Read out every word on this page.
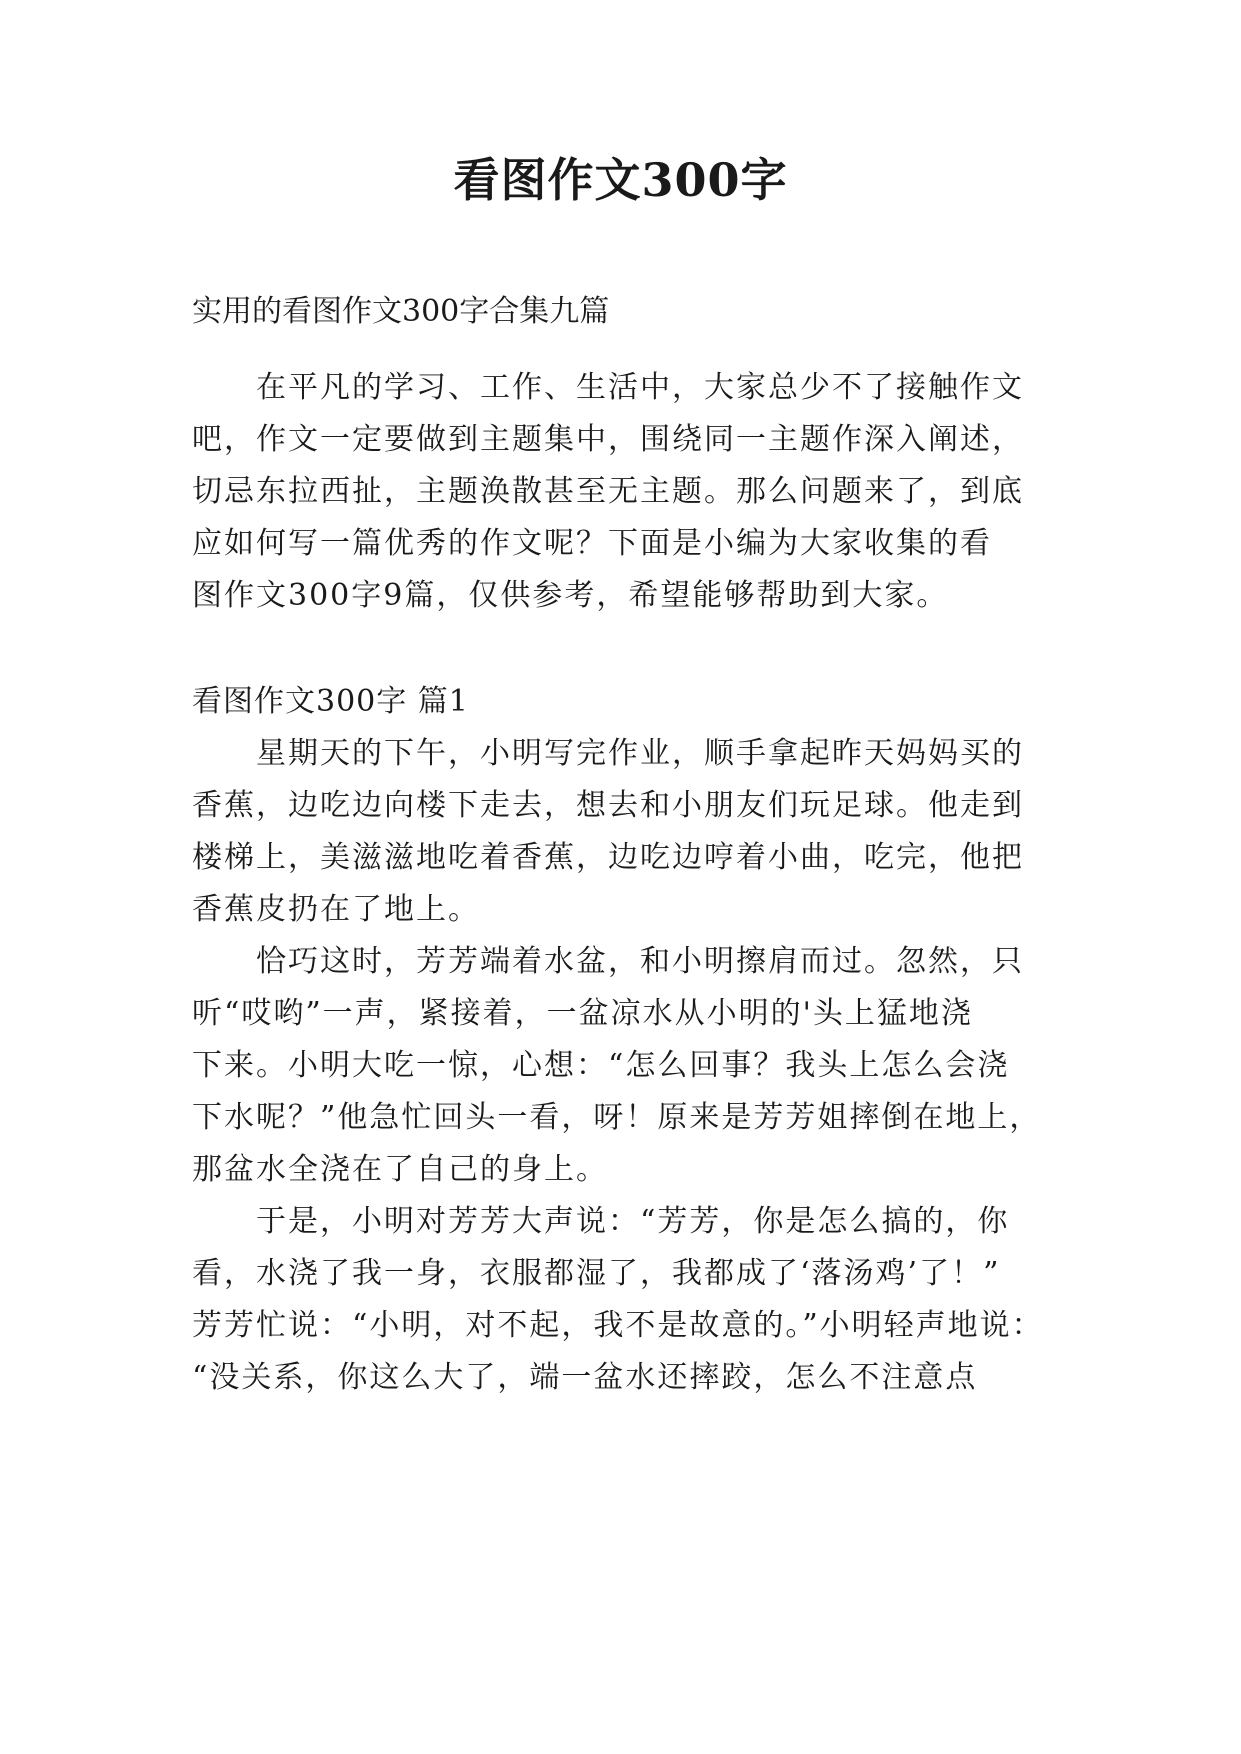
看图作文300字

实用的看图作文300字合集九篇

在平凡的学习、工作、生活中，大家总少不了接触作文

吧，作文一定要做到主题集中，围绕同一主题作深入阐述，

切忌东拉西扯，主题涣散甚至无主题。那么问题来了，到底

应如何写一篇优秀的作文呢？下面是小编为大家收集的看

图作文300字9篇，仅供参考，希望能够帮助到大家。

看图作文300字 篇1

星期天的下午，小明写完作业，顺手拿起昨天妈妈买的

香蕉，边吃边向楼下走去，想去和小朋友们玩足球。他走到

楼梯上，美滋滋地吃着香蕉，边吃边哼着小曲，吃完，他把

香蕉皮扔在了地上。

恰巧这时，芳芳端着水盆，和小明擦肩而过。忽然，只

听“哎哟”一声，紧接着，一盆凉水从小明的'头上猛地浇

下来。小明大吃一惊，心想：“怎么回事？我头上怎么会浇

下水呢？”他急忙回头一看，呀！原来是芳芳姐摔倒在地上，

那盆水全浇在了自己的身上。

于是，小明对芳芳大声说：“芳芳，你是怎么搞的，你

看，水浇了我一身，衣服都湿了，我都成了‘落汤鸡’了！”

芳芳忙说：“小明，对不起，我不是故意的。”小明轻声地说：

“没关系，你这么大了，端一盆水还摔跤，怎么不注意点
